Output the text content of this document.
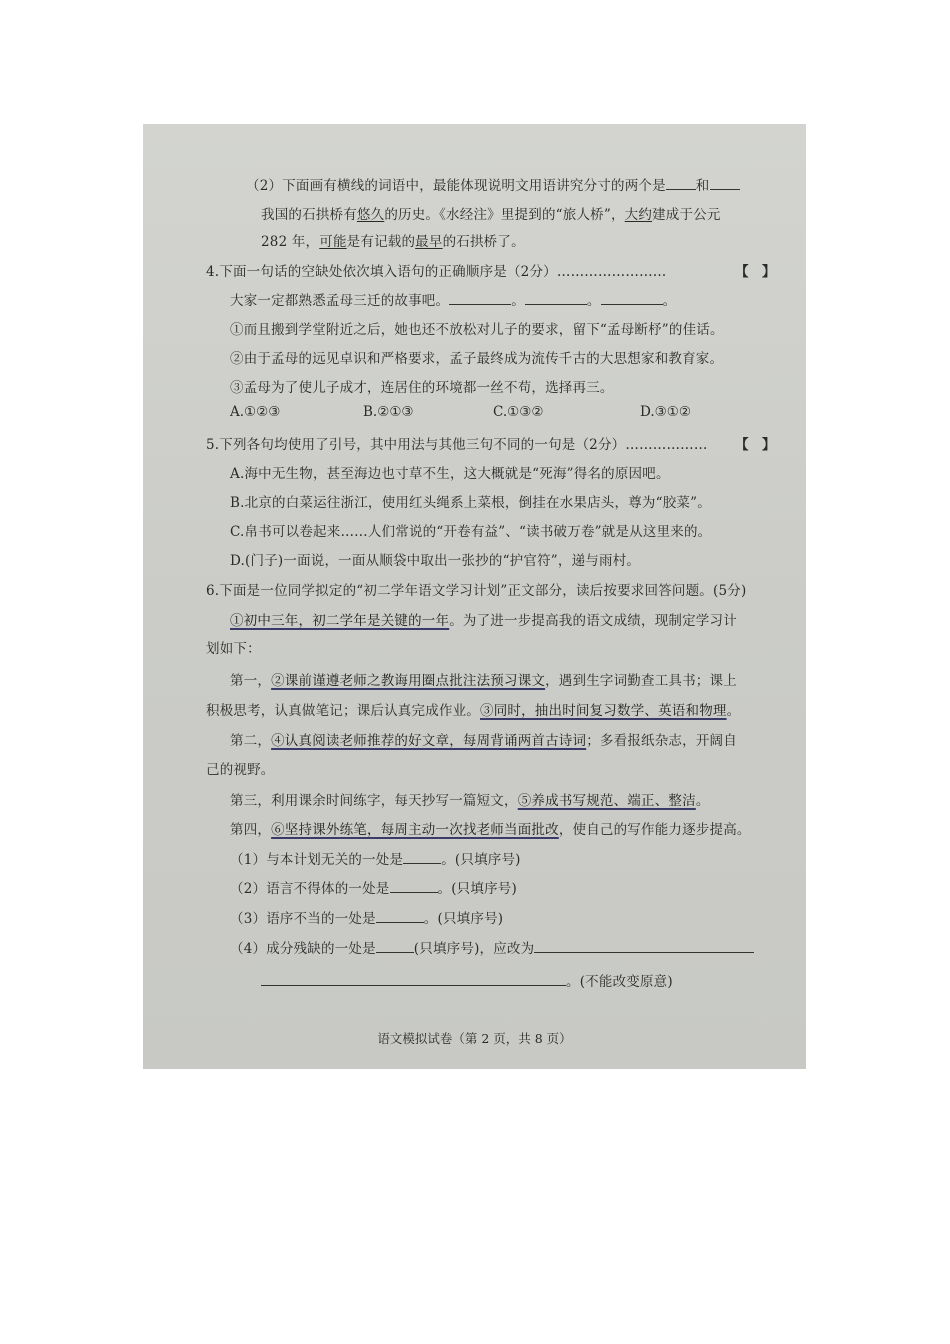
（2）下面画有横线的词语中，最能体现说明文用语讲究分寸的两个是 和
我国的石拱桥有悠久的历史。《水经注》里提到的“旅人桥”，大约建成于公元
282 年，可能是有记载的最早的石拱桥了。
4.下面一句话的空缺处依次填入语句的正确顺序是（2分）……………………	【　】
大家一定都熟悉孟母三迁的故事吧。	。	。	。
①而且搬到学堂附近之后，她也还不放松对儿子的要求，留下“孟母断杼”的佳话。
②由于孟母的远见卓识和严格要求，孟子最终成为流传千古的大思想家和教育家。
③孟母为了使儿子成才，连居住的环境都一丝不苟，选择再三。
A.①②③	B.②①③	C.①③②	D.③①②
5.下列各句均使用了引号，其中用法与其他三句不同的一句是（2分）……………… 【　】
A.海中无生物，甚至海边也寸草不生，这大概就是“死海”得名的原因吧。
B.北京的白菜运往浙江，使用红头绳系上菜根，倒挂在水果店头，尊为“胶菜”。
C.帛书可以卷起来……人们常说的“开卷有益”、“读书破万卷”就是从这里来的。
D.(门子)一面说，一面从顺袋中取出一张抄的“护官符”，递与雨村。
6.下面是一位同学拟定的“初二学年语文学习计划”正文部分，读后按要求回答问题。(5分)
①初中三年，初二学年是关键的一年。为了进一步提高我的语文成绩，现制定学习计
划如下：
第一，②课前谨遵老师之教诲用圈点批注法预习课文，遇到生字词勤查工具书；课上
积极思考，认真做笔记；课后认真完成作业。③同时，抽出时间复习数学、英语和物理。
第二，④认真阅读老师推荐的好文章，每周背诵两首古诗词；多看报纸杂志，开阔自
己的视野。
第三，利用课余时间练字，每天抄写一篇短文，⑤养成书写规范、端正、整洁。
第四，⑥坚持课外练笔，每周主动一次找老师当面批改，使自己的写作能力逐步提高。
（1）与本计划无关的一处是	。(只填序号)
（2）语言不得体的一处是	。(只填序号)
（3）语序不当的一处是	。(只填序号)
（4）成分残缺的一处是	(只填序号)，应改为
。(不能改变原意)
语文模拟试卷（第 2 页，共 8 页）
